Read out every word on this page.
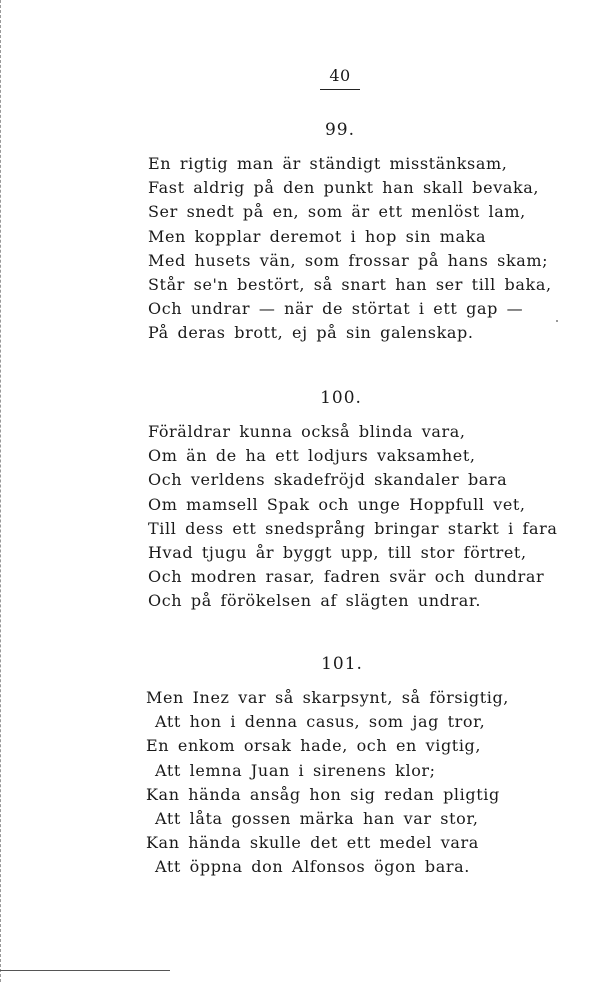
40
99.
En rigtig man är ständigt misstänksam,
Fast aldrig på den punkt han skall bevaka,
Ser snedt på en, som är ett menlöst lam,
Men kopplar deremot i hop sin maka
Med husets vän, som frossar på hans skam;
Står se'n bestört, så snart han ser till baka,
Och undrar — när de störtat i ett gap —
På deras brott, ej på sin galenskap.
100.
Föräldrar kunna också blinda vara,
Om än de ha ett lodjurs vaksamhet,
Och verldens skadefröjd skandaler bara
Om mamsell Spak och unge Hoppfull vet,
Till dess ett snedsprång bringar starkt i fara
Hvad tjugu år byggt upp, till stor förtret,
Och modren rasar, fadren svär och dundrar
Och på förökelsen af slägten undrar.
101.
Men Inez var så skarpsynt, så försigtig,
Att hon i denna casus, som jag tror,
En enkom orsak hade, och en vigtig,
Att lemna Juan i sirenens klor;
Kan hända ansåg hon sig redan pligtig
Att låta gossen märka han var stor,
Kan hända skulle det ett medel vara
Att öppna don Alfonsos ögon bara.
